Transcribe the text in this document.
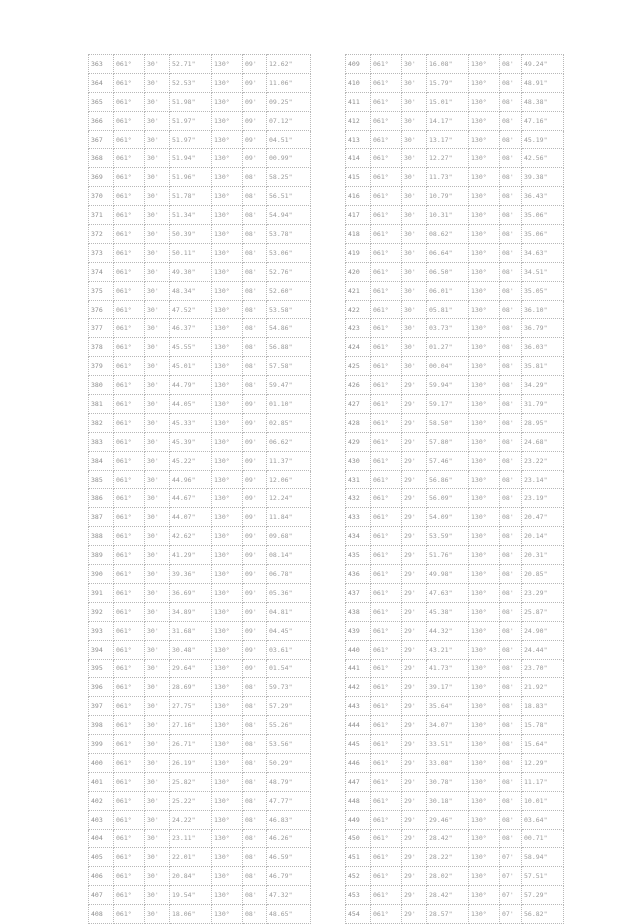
363	061°	30'	52.71"	130°	09'	12.62"
364	061°	30'	52.53"	130°	09'	11.06"
365	061°	30'	51.98"	130°	09'	09.25"
366	061°	30'	51.97"	130°	09'	07.12"
367	061°	30'	51.97"	130°	09'	04.51"
368	061°	30'	51.94"	130°	09'	00.99"
369	061°	30'	51.96"	130°	08'	58.25"
370	061°	30'	51.78"	130°	08'	56.51"
371	061°	30'	51.34"	130°	08'	54.94"
372	061°	30'	50.39"	130°	08'	53.78"
373	061°	30'	50.11"	130°	08'	53.06"
374	061°	30'	49.30"	130°	08'	52.76"
375	061°	30'	48.34"	130°	08'	52.60"
376	061°	30'	47.52"	130°	08'	53.58"
377	061°	30'	46.37"	130°	08'	54.86"
378	061°	30'	45.55"	130°	08'	56.88"
379	061°	30'	45.01"	130°	08'	57.58"
380	061°	30'	44.79"	130°	08'	59.47"
381	061°	30'	44.05"	130°	09'	01.10"
382	061°	30'	45.33"	130°	09'	02.85"
383	061°	30'	45.39"	130°	09'	06.62"
384	061°	30'	45.22"	130°	09'	11.37"
385	061°	30'	44.96"	130°	09'	12.06"
386	061°	30'	44.67"	130°	09'	12.24"
387	061°	30'	44.07"	130°	09'	11.84"
388	061°	30'	42.62"	130°	09'	09.68"
389	061°	30'	41.29"	130°	09'	08.14"
390	061°	30'	39.36"	130°	09'	06.78"
391	061°	30'	36.69"	130°	09'	05.36"
392	061°	30'	34.89"	130°	09'	04.81"
393	061°	30'	31.68"	130°	09'	04.45"
394	061°	30'	30.48"	130°	09'	03.61"
395	061°	30'	29.64"	130°	09'	01.54"
396	061°	30'	28.69"	130°	08'	59.73"
397	061°	30'	27.75"	130°	08'	57.29"
398	061°	30'	27.16"	130°	08'	55.26"
399	061°	30'	26.71"	130°	08'	53.56"
400	061°	30'	26.19"	130°	08'	50.29"
401	061°	30'	25.82"	130°	08'	48.79"
402	061°	30'	25.22"	130°	08'	47.77"
403	061°	30'	24.22"	130°	08'	46.83"
404	061°	30'	23.11"	130°	08'	46.26"
405	061°	30'	22.01"	130°	08'	46.59"
406	061°	30'	20.84"	130°	08'	46.79"
407	061°	30'	19.54"	130°	08'	47.32"
408	061°	30'	18.06"	130°	08'	48.65"
409	061°	30'	16.08"	130°	08'	49.24"
410	061°	30'	15.79"	130°	08'	48.91"
411	061°	30'	15.01"	130°	08'	48.38"
412	061°	30'	14.17"	130°	08'	47.16"
413	061°	30'	13.17"	130°	08'	45.19"
414	061°	30'	12.27"	130°	08'	42.56"
415	061°	30'	11.73"	130°	08'	39.38"
416	061°	30'	10.79"	130°	08'	36.43"
417	061°	30'	10.31"	130°	08'	35.06"
418	061°	30'	08.62"	130°	08'	35.06"
419	061°	30'	06.64"	130°	08'	34.63"
420	061°	30'	06.50"	130°	08'	34.51"
421	061°	30'	06.01"	130°	08'	35.05"
422	061°	30'	05.81"	130°	08'	36.10"
423	061°	30'	03.73"	130°	08'	36.79"
424	061°	30'	01.27"	130°	08'	36.03"
425	061°	30'	00.04"	130°	08'	35.81"
426	061°	29'	59.94"	130°	08'	34.29"
427	061°	29'	59.17"	130°	08'	31.79"
428	061°	29'	58.50"	130°	08'	28.95"
429	061°	29'	57.80"	130°	08'	24.68"
430	061°	29'	57.46"	130°	08'	23.22"
431	061°	29'	56.86"	130°	08'	23.14"
432	061°	29'	56.09"	130°	08'	23.19"
433	061°	29'	54.09"	130°	08'	20.47"
434	061°	29'	53.59"	130°	08'	20.14"
435	061°	29'	51.76"	130°	08'	20.31"
436	061°	29'	49.98"	130°	08'	20.85"
437	061°	29'	47.63"	130°	08'	23.29"
438	061°	29'	45.38"	130°	08'	25.87"
439	061°	29'	44.32"	130°	08'	24.90"
440	061°	29'	43.21"	130°	08'	24.44"
441	061°	29'	41.73"	130°	08'	23.70"
442	061°	29'	39.17"	130°	08'	21.92"
443	061°	29'	35.64"	130°	08'	18.83"
444	061°	29'	34.07"	130°	08'	15.78"
445	061°	29'	33.51"	130°	08'	15.64"
446	061°	29'	33.08"	130°	08'	12.29"
447	061°	29'	30.78"	130°	08'	11.17"
448	061°	29'	30.18"	130°	08'	10.01"
449	061°	29'	29.46"	130°	08'	03.64"
450	061°	29'	28.42"	130°	08'	00.71"
451	061°	29'	28.22"	130°	07'	58.94"
452	061°	29'	28.02"	130°	07'	57.51"
453	061°	29'	28.42"	130°	07'	57.29"
454	061°	29'	28.57"	130°	07'	56.82"
